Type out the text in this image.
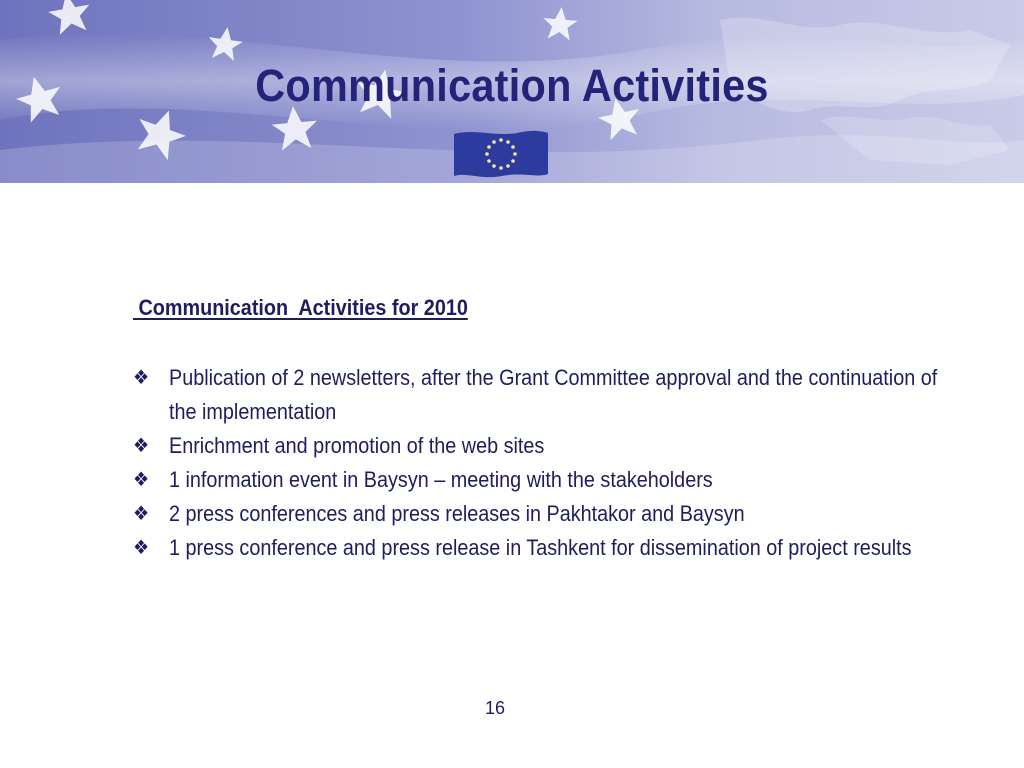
Communication Activities
Communication  Activities for 2010
❖ Publication of 2 newsletters, after the Grant Committee approval and the continuation of the implementation
❖ Enrichment and promotion of the web sites
❖ 1 information event in Baysyn – meeting with the stakeholders
❖ 2 press conferences and press releases in Pakhtakor and Baysyn
❖ 1 press conference and press release in Tashkent for dissemination of project results
16
